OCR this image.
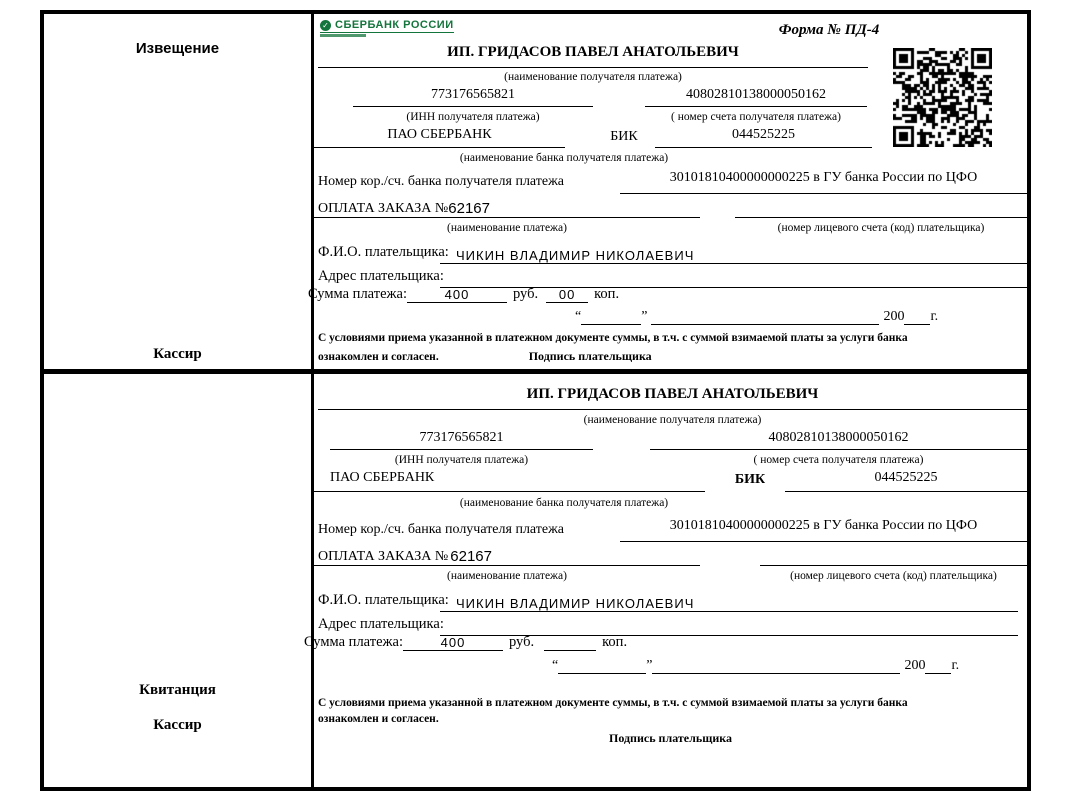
Извещение
Кассир
Квитанция
Кассир
✓ СБЕРБАНК РОССИИ	Форма № ПД-4
ИП. ГРИДАСОВ ПАВЕЛ АНАТОЛЬЕВИЧ
(наименование получателя платежа)
773176565821	40802810138000050162
(ИНН получателя платежа)	( номер счета получателя платежа)
ПАО СБЕРБАНК	БИК	044525225
(наименование банка получателя платежа)
Номер кор./сч. банка получателя платежа	30101810400000000225 в ГУ банка России по ЦФО
ОПЛАТА ЗАКАЗА № 62167
(наименование платежа)	(номер лицевого счета (код) плательщика)
Ф.И.О. плательщика: ЧИКИН ВЛАДИМИР НИКОЛАЕВИЧ
Адрес плательщика:
Сумма платежа:	400	руб.	00	коп.
“	”	200 г.
С условиями приема указанной в платежном документе суммы, в т.ч. с суммой взимаемой платы за услуги банка
ознакомлен и согласен.	Подпись плательщика
ИП. ГРИДАСОВ ПАВЕЛ АНАТОЛЬЕВИЧ
(наименование получателя платежа)
773176565821	40802810138000050162
(ИНН получателя платежа)	( номер счета получателя платежа)
ПАО СБЕРБАНК	БИК	044525225
(наименование банка получателя платежа)
Номер кор./сч. банка получателя платежа	30101810400000000225 в ГУ банка России по ЦФО
ОПЛАТА ЗАКАЗА № 62167
(наименование платежа)	(номер лицевого счета (код) плательщика)
Ф.И.О. плательщика: ЧИКИН ВЛАДИМИР НИКОЛАЕВИЧ
Адрес плательщика:
Сумма платежа:	400	руб.	коп.
“	”	200 г.
С условиями приема указанной в платежном документе суммы, в т.ч. с суммой взимаемой платы за услуги банка
ознакомлен и согласен.
Подпись плательщика
